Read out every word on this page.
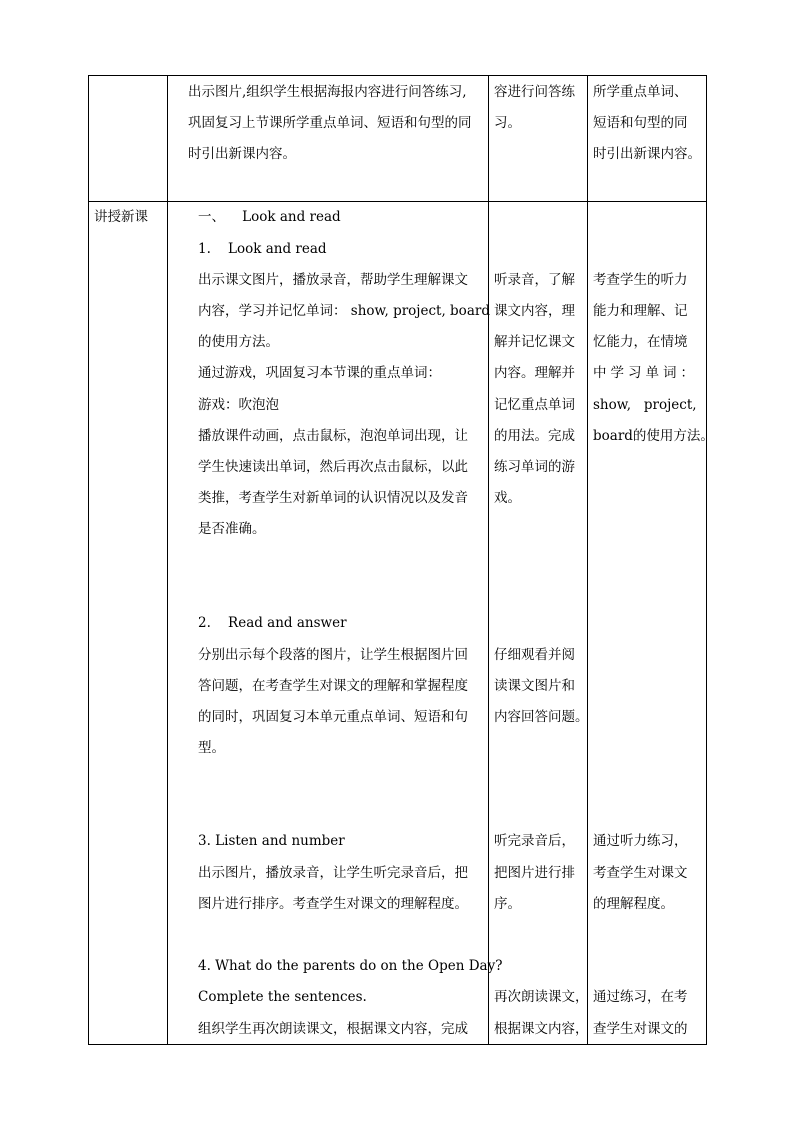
出示图片,组织学生根据海报内容进行问答练习,
巩固复习上节课所学重点单词、短语和句型的同
时引出新课内容。
容进行问答练
习。
所学重点单词、
短语和句型的同
时引出新课内容。
讲授新课	一、    Look and read
1.    Look and read
出示课文图片，播放录音，帮助学生理解课文
内容，学习并记忆单词： show, project, board
的使用方法。
通过游戏，巩固复习本节课的重点单词：
游戏：吹泡泡
播放课件动画，点击鼠标，泡泡单词出现，让
学生快速读出单词，然后再次点击鼠标，以此
类推，考查学生对新单词的认识情况以及发音
是否准确。
听录音，了解
课文内容，理
解并记忆课文
内容。理解并
记忆重点单词
的用法。完成
练习单词的游
戏。
考查学生的听力
能力和理解、记
忆能力，在情境
中学习单词：
show,   project,
board的使用方法。
2.    Read and answer
分别出示每个段落的图片，让学生根据图片回
答问题，在考查学生对课文的理解和掌握程度
的同时，巩固复习本单元重点单词、短语和句
型。
仔细观看并阅
读课文图片和
内容回答问题。
3. Listen and number
出示图片，播放录音，让学生听完录音后，把
图片进行排序。考查学生对课文的理解程度。
听完录音后，
把图片进行排
序。
通过听力练习，
考查学生对课文
的理解程度。
4. What do the parents do on the Open Day?
Complete the sentences.
组织学生再次朗读课文，根据课文内容，完成
再次朗读课文，
根据课文内容，
通过练习，在考
查学生对课文的
